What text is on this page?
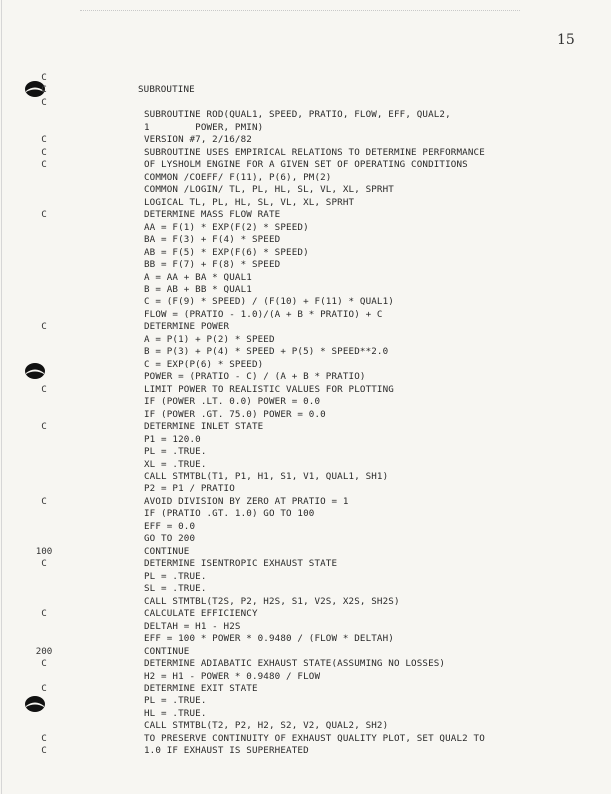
15
C
C	SUBROUTINE
C
SUBROUTINE ROD(QUAL1, SPEED, PRATIO, FLOW, EFF, QUAL2,
1        POWER, PMIN)
C	VERSION #7, 2/16/82
C	SUBROUTINE USES EMPIRICAL RELATIONS TO DETERMINE PERFORMANCE
C	OF LYSHOLM ENGINE FOR A GIVEN SET OF OPERATING CONDITIONS
COMMON /COEFF/ F(11), P(6), PM(2)
COMMON /LOGIN/ TL, PL, HL, SL, VL, XL, SPRHT
LOGICAL TL, PL, HL, SL, VL, XL, SPRHT
C	DETERMINE MASS FLOW RATE
AA = F(1) * EXP(F(2) * SPEED)
BA = F(3) + F(4) * SPEED
AB = F(5) * EXP(F(6) * SPEED)
BB = F(7) + F(8) * SPEED
A = AA + BA * QUAL1
B = AB + BB * QUAL1
C = (F(9) * SPEED) / (F(10) + F(11) * QUAL1)
FLOW = (PRATIO - 1.0)/(A + B * PRATIO) + C
C	DETERMINE POWER
A = P(1) + P(2) * SPEED
B = P(3) + P(4) * SPEED + P(5) * SPEED**2.0
C = EXP(P(6) * SPEED)
POWER = (PRATIO - C) / (A + B * PRATIO)
C	LIMIT POWER TO REALISTIC VALUES FOR PLOTTING
IF (POWER .LT. 0.0) POWER = 0.0
IF (POWER .GT. 75.0) POWER = 0.0
C	DETERMINE INLET STATE
P1 = 120.0
PL = .TRUE.
XL = .TRUE.
CALL STMTBL(T1, P1, H1, S1, V1, QUAL1, SH1)
P2 = P1 / PRATIO
C	AVOID DIVISION BY ZERO AT PRATIO = 1
IF (PRATIO .GT. 1.0) GO TO 100
EFF = 0.0
GO TO 200
100	CONTINUE
C	DETERMINE ISENTROPIC EXHAUST STATE
PL = .TRUE.
SL = .TRUE.
CALL STMTBL(T2S, P2, H2S, S1, V2S, X2S, SH2S)
C	CALCULATE EFFICIENCY
DELTAH = H1 - H2S
EFF = 100 * POWER * 0.9480 / (FLOW * DELTAH)
200	CONTINUE
C	DETERMINE ADIABATIC EXHAUST STATE(ASSUMING NO LOSSES)
H2 = H1 - POWER * 0.9480 / FLOW
C	DETERMINE EXIT STATE
PL = .TRUE.
HL = .TRUE.
CALL STMTBL(T2, P2, H2, S2, V2, QUAL2, SH2)
C	TO PRESERVE CONTINUITY OF EXHAUST QUALITY PLOT, SET QUAL2 TO
C	1.0 IF EXHAUST IS SUPERHEATED
